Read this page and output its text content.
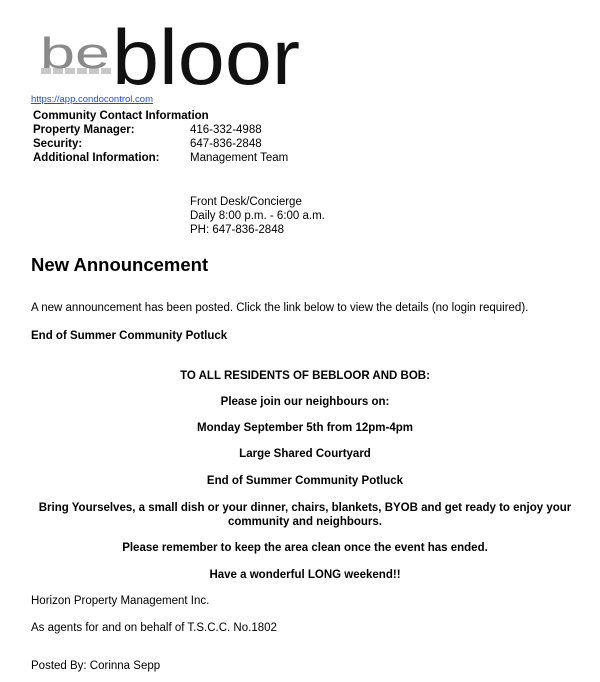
be bloor
https://app.condocontrol.com
Community Contact Information
Property Manager:	416-332-4988
Security:	647-836-2848
Additional Information:	Management Team
Front Desk/Concierge
Daily 8:00 p.m. - 6:00 a.m.
PH: 647-836-2848
New Announcement
A new announcement has been posted. Click the link below to view the details (no login required).
End of Summer Community Potluck
TO ALL RESIDENTS OF BEBLOOR AND BOB:
Please join our neighbours on:
Monday September 5th from 12pm-4pm
Large Shared Courtyard
End of Summer Community Potluck
Bring Yourselves, a small dish or your dinner, chairs, blankets, BYOB and get ready to enjoy your community and neighbours.
Please remember to keep the area clean once the event has ended.
Have a wonderful LONG weekend!!
Horizon Property Management Inc.
As agents for and on behalf of T.S.C.C. No.1802
Posted By: Corinna Sepp
